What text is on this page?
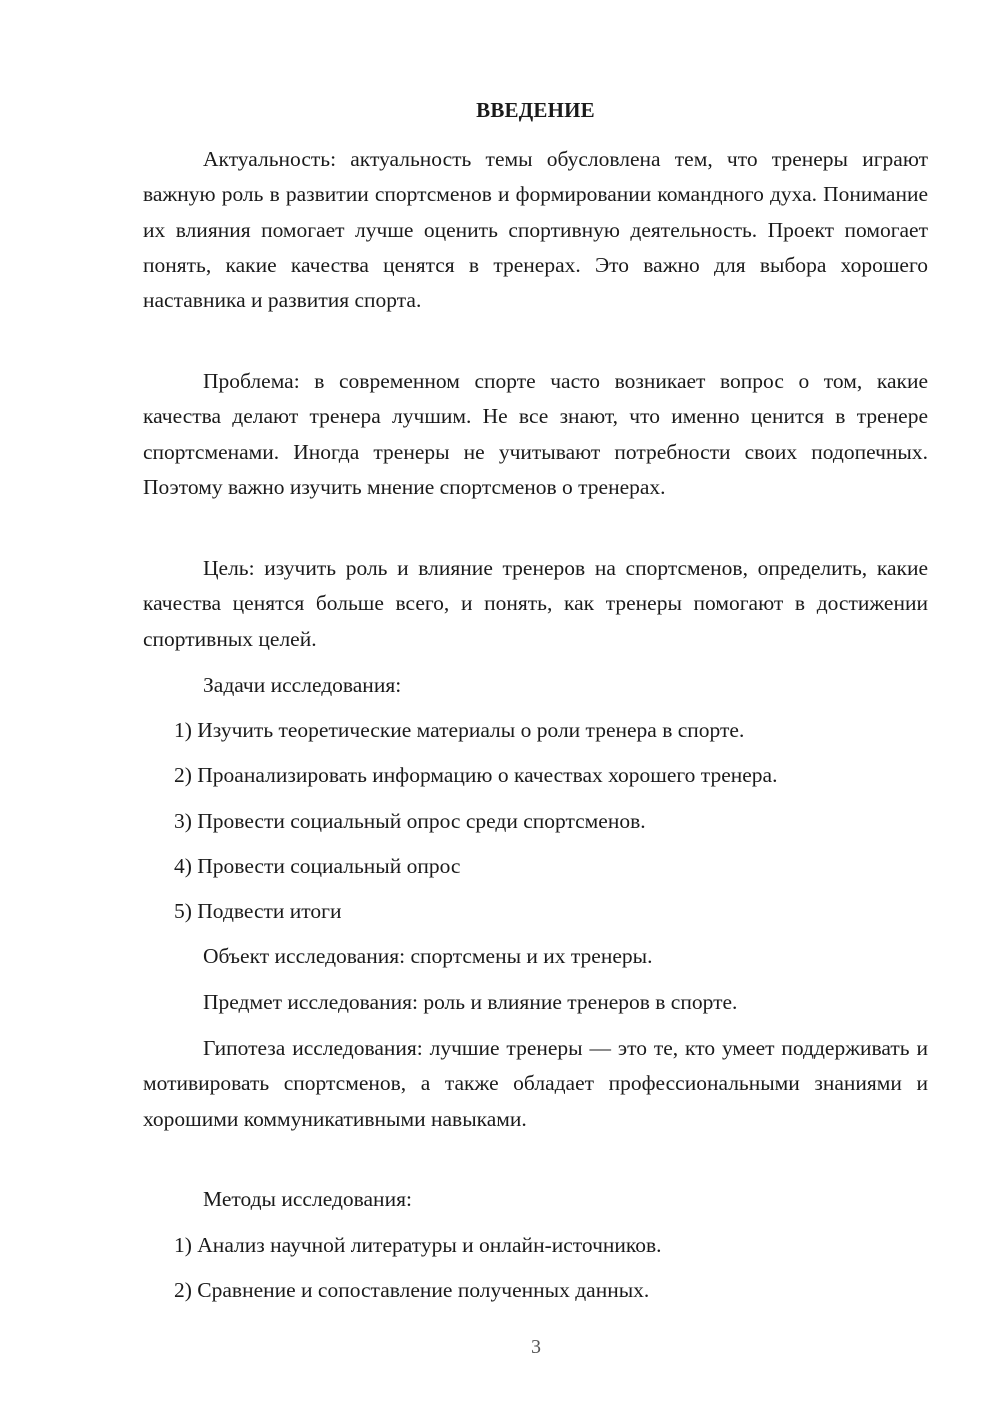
ВВЕДЕНИЕ

Актуальность: актуальность темы обусловлена тем, что тренеры играют важную роль в развитии спортсменов и формировании командного духа. Понимание их влияния помогает лучше оценить спортивную деятельность. Проект помогает понять, какие качества ценятся в тренерах. Это важно для выбора хорошего наставника и развития спорта.

Проблема: в современном спорте часто возникает вопрос о том, какие качества делают тренера лучшим. Не все знают, что именно ценится в тренере спортсменами. Иногда тренеры не учитывают потребности своих подопечных. Поэтому важно изучить мнение спортсменов о тренерах.

Цель: изучить роль и влияние тренеров на спортсменов, определить, какие качества ценятся больше всего, и понять, как тренеры помогают в достижении спортивных целей.

Задачи исследования:

1) Изучить теоретические материалы о роли тренера в спорте.

2) Проанализировать информацию о качествах хорошего тренера.

3) Провести социальный опрос среди спортсменов.

4) Провести социальный опрос

5) Подвести итоги

Объект исследования: спортсмены и их тренеры.

Предмет исследования: роль и влияние тренеров в спорте.

Гипотеза исследования: лучшие тренеры — это те, кто умеет поддерживать и мотивировать спортсменов, а также обладает профессиональными знаниями и хорошими коммуникативными навыками.

Методы исследования:

1) Анализ научной литературы и онлайн-источников.

2) Сравнение и сопоставление полученных данных.

3
